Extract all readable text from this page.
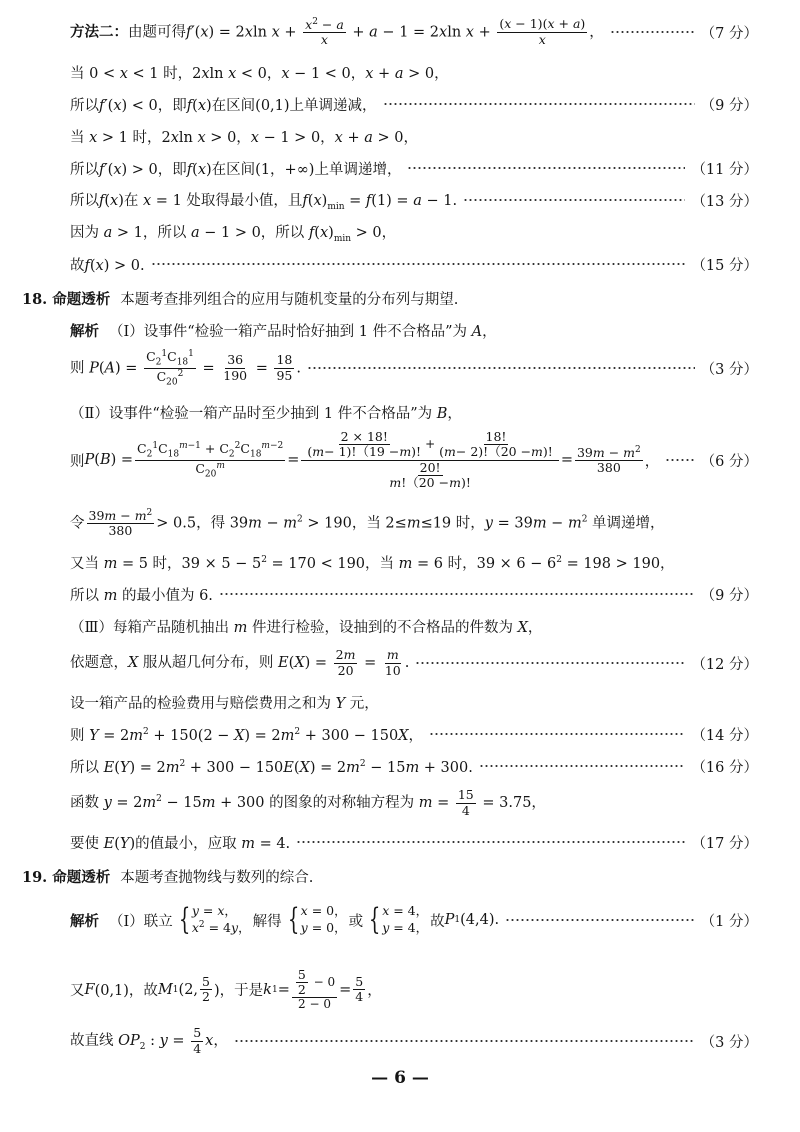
方法二：由题可得f′(x) = 2xln $x + \frac{x^2 - a}{x} + a - 1 = 2xln$ $x + \frac{(x - 1)(x + a)}{x}$ ，	（7 分）
当 0 < x < 1 时，2xln x < 0，x − 1 < 0，x + a > 0，
所以f′(x) < 0，即f(x)在区间(0,1)上单调递减，	（9 分）
当 x > 1 时，2xln x > 0，x − 1 > 0，x + a > 0，
所以f′(x) > 0，即f(x)在区间(1，+∞)上单调递增，	（11 分）
所以f(x)在 x = 1 处取得最小值，且$f(x)_{min} = f(1) = a - 1$.	（13 分）
因为 a > 1，所以 a − 1 > 0，所以 $f(x)_{min} > 0$，
故f(x) > 0.	（15 分）
18. 命题透析 本题考查排列组合的应用与随机变量的分布列与期望.
解析 （Ⅰ）设事件“检验一箱产品时恰好抽到 1 件不合格品”为 A，
则 $P(A) = \frac{C_2^1C_{18}^1}{C_{20}^2} = \frac{36}{190} = \frac{18}{95}$ .	（3 分）
（Ⅱ）设事件“检验一箱产品时至少抽到 1 件不合格品”为 B，
则 P ( B ) = $\frac{C_2^1C_{18}^{m-1} + C_2^2C_{18}^{m-2}}{C_{20}^m} = \frac{\frac{2 \times 18!}{( m - 1)!(19 - m )!} + \frac{18!}{( m - 2)!(20 - m )!}}{\frac{20!}{m !(20 - m )!}} = \frac{39m - m^2}{380}$ ，	（6 分）
令 $\frac{39m - m^2}{380} > 0.5$，得 $39m - m^2 > 190$，当 2≤m≤19 时，$y = 39m - m^2$ 单调递增，
又当 m = 5 时，$39 \times 5 - 5^2 = 170 < 190$，当 m = 6 时，$39 \times 6 - 6^2 = 198 > 190$，
所以 m 的最小值为 6.	（9 分）
（Ⅲ）每箱产品随机抽出 m 件进行检验，设抽到的不合格品的件数为 X，
依题意，X 服从超几何分布，则 $E(X) = \frac{2m}{20} = \frac{m}{10}$ .	（12 分）
设一箱产品的检验费用与赔偿费用之和为 Y 元，
则 $Y = 2m^2 + 150(2 - X) = 2m^2 + 300 - 150X$，	（14 分）
所以 $E(Y) = 2m^2 + 300 - 150E(X) = 2m^2 - 15m + 300$.	（16 分）
函数 $y = 2m^2 - 15m + 300$ 的图象的对称轴方程为 $m = \frac{15}{4} = 3.75$，
要使 E(Y)的值最小，应取 m = 4.	（17 分）
19. 命题透析 本题考查抛物线与数列的综合.
解析 （Ⅰ）联立 { y = x，
$x^2 = 4y$， 解得 { x = 0，
y = 0， 或 { x = 4，
y = 4， 故 P 1 (4,4).	（1 分）
又 F (0,1)，故 M 1 (2, $\frac{5}{2}$ )，于是 k $1 = \frac{\frac{5}{2} - 0}{2 - 0} = \frac{5}{4}$ ，
故直线 $OP_2$ : $y = \frac{5}{4}$ x，	（3 分）
— 6 —
